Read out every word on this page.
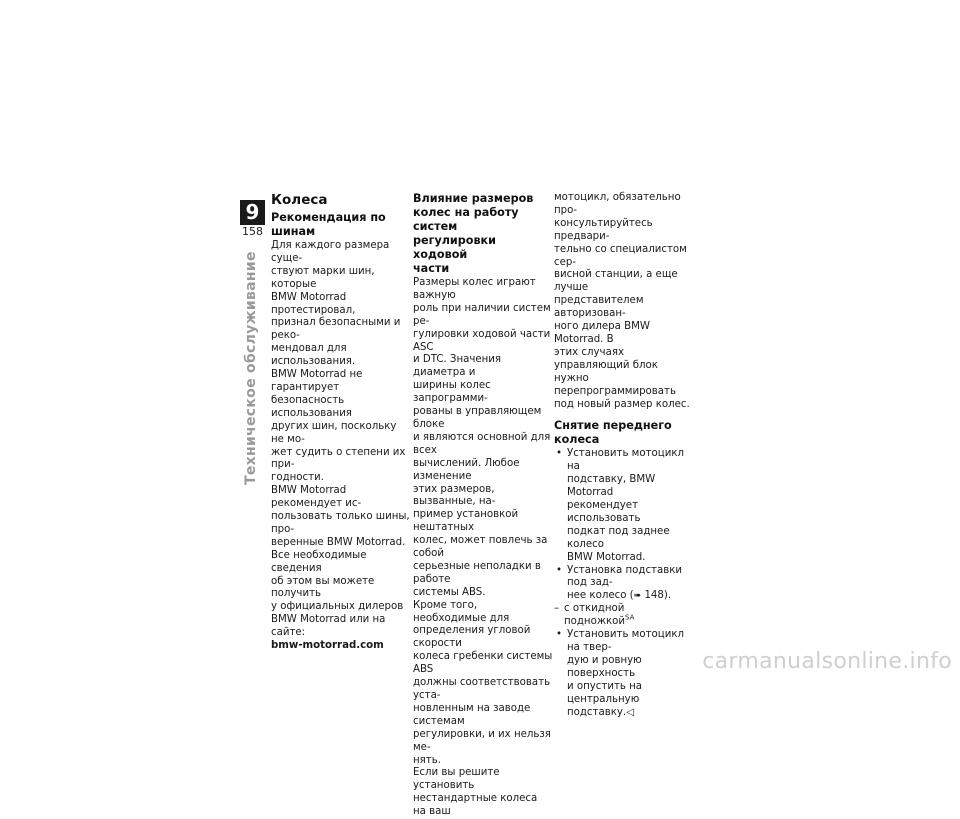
9
158
Техническое обслуживание
Колеса
Рекомендация по шинам
Для каждого размера суще-
ствуют марки шин, которые
BMW Motorrad протестировал,
признал безопасными и реко-
мендовал для использования.
BMW Motorrad не гарантирует
безопасность использования
других шин, поскольку не мо-
жет судить о степени их при-
годности.
BMW Motorrad рекомендует ис-
пользовать только шины, про-
веренные BMW Motorrad.
Все необходимые сведения
об этом вы можете получить
у официальных дилеров
BMW Motorrad или на сайте:
bmw-motorrad.com
Влияние размеров
колес на работу систем
регулировки ходовой
части
Размеры колес играют важную
роль при наличии систем ре-
гулировки ходовой части ASC
и DTC. Значения диаметра и
ширины колес запрограмми-
рованы в управляющем блоке
и являются основной для всех
вычислений. Любое изменение
этих размеров, вызванные, на-
пример установкой нештатных
колес, может повлечь за собой
серьезные неполадки в работе
системы ABS.
Кроме того, необходимые для
определения угловой скорости
колеса гребенки системы ABS
должны соответствовать уста-
новленным на заводе системам
регулировки, и их нельзя ме-
нять.
Если вы решите установить
нестандартные колеса на ваш
мотоцикл, обязательно про-
консультируйтесь предвари-
тельно со специалистом сер-
висной станции, а еще лучше
представителем авторизован-
ного дилера BMW Motorrad. В
этих случаях управляющий блок
нужно перепрограммировать
под новый размер колес.
Снятие переднего колеса
• Установить мотоцикл на
подставку, BMW Motorrad
рекомендует использовать
подкат под заднее колесо
BMW Motorrad.
• Установка подставки под зад-
нее колесо (➠ 148).
– с откидной подножкой$^{SA}$
• Установить мотоцикл на твер-
дую и ровную поверхность
и опустить на центральную
подставку.◁
carmanualsonline.info
